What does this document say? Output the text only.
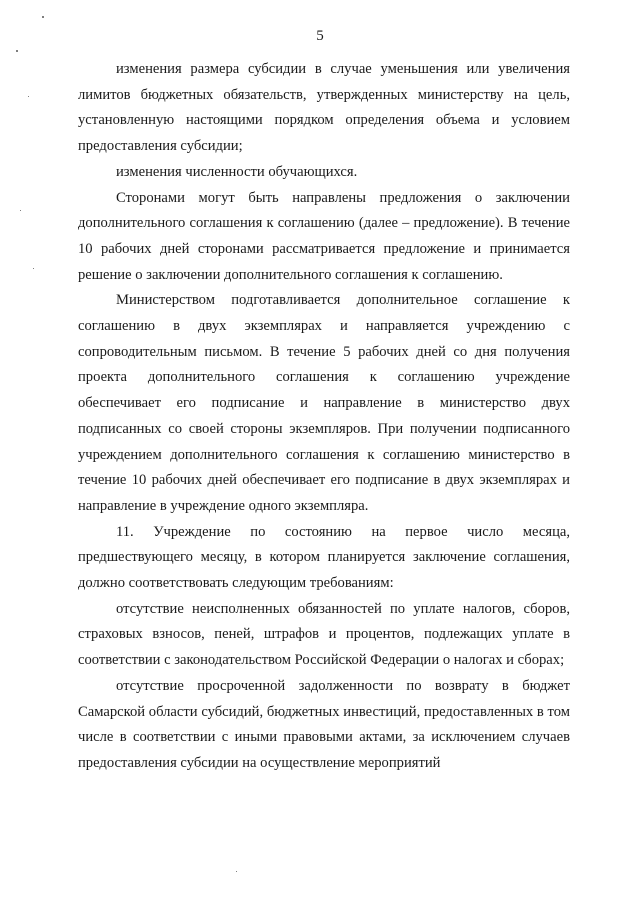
5

изменения размера субсидии в случае уменьшения или увеличения лимитов бюджетных обязательств, утвержденных министерству на цель, установленную настоящими порядком определения объема и условием предоставления субсидии;

изменения численности обучающихся.

Сторонами могут быть направлены предложения о заключении дополнительного соглашения к соглашению (далее – предложение). В течение 10 рабочих дней сторонами рассматривается предложение и принимается решение о заключении дополнительного соглашения к соглашению.

Министерством подготавливается дополнительное соглашение к соглашению в двух экземплярах и направляется учреждению с сопроводительным письмом. В течение 5 рабочих дней со дня получения проекта дополнительного соглашения к соглашению учреждение обеспечивает его подписание и направление в министерство двух подписанных со своей стороны экземпляров. При получении подписанного учреждением дополнительного соглашения к соглашению министерство в течение 10 рабочих дней обеспечивает его подписание в двух экземплярах и направление в учреждение одного экземпляра.

11. Учреждение по состоянию на первое число месяца, предшествующего месяцу, в котором планируется заключение соглашения, должно соответствовать следующим требованиям:

отсутствие неисполненных обязанностей по уплате налогов, сборов, страховых взносов, пеней, штрафов и процентов, подлежащих уплате в соответствии с законодательством Российской Федерации о налогах и сборах;

отсутствие просроченной задолженности по возврату в бюджет Самарской области субсидий, бюджетных инвестиций, предоставленных в том числе в соответствии с иными правовыми актами, за исключением случаев предоставления субсидии на осуществление мероприятий
